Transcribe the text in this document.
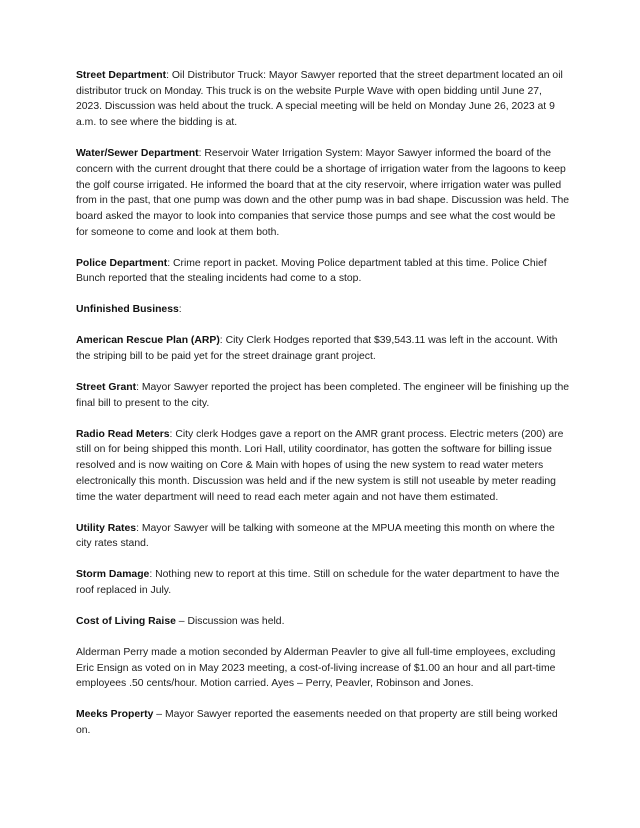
Street Department: Oil Distributor Truck: Mayor Sawyer reported that the street department located an oil distributor truck on Monday. This truck is on the website Purple Wave with open bidding until June 27, 2023. Discussion was held about the truck. A special meeting will be held on Monday June 26, 2023 at 9 a.m. to see where the bidding is at.

Water/Sewer Department: Reservoir Water Irrigation System: Mayor Sawyer informed the board of the concern with the current drought that there could be a shortage of irrigation water from the lagoons to keep the golf course irrigated. He informed the board that at the city reservoir, where irrigation water was pulled from in the past, that one pump was down and the other pump was in bad shape. Discussion was held. The board asked the mayor to look into companies that service those pumps and see what the cost would be for someone to come and look at them both.

Police Department: Crime report in packet. Moving Police department tabled at this time. Police Chief Bunch reported that the stealing incidents had come to a stop.

Unfinished Business:

American Rescue Plan (ARP): City Clerk Hodges reported that $39,543.11 was left in the account. With the striping bill to be paid yet for the street drainage grant project.

Street Grant: Mayor Sawyer reported the project has been completed. The engineer will be finishing up the final bill to present to the city.

Radio Read Meters: City clerk Hodges gave a report on the AMR grant process. Electric meters (200) are still on for being shipped this month. Lori Hall, utility coordinator, has gotten the software for billing issue resolved and is now waiting on Core & Main with hopes of using the new system to read water meters electronically this month. Discussion was held and if the new system is still not useable by meter reading time the water department will need to read each meter again and not have them estimated.

Utility Rates: Mayor Sawyer will be talking with someone at the MPUA meeting this month on where the city rates stand.

Storm Damage: Nothing new to report at this time. Still on schedule for the water department to have the roof replaced in July.

Cost of Living Raise – Discussion was held.

Alderman Perry made a motion seconded by Alderman Peavler to give all full-time employees, excluding Eric Ensign as voted on in May 2023 meeting, a cost-of-living increase of $1.00 an hour and all part-time employees .50 cents/hour. Motion carried. Ayes – Perry, Peavler, Robinson and Jones.

Meeks Property – Mayor Sawyer reported the easements needed on that property are still being worked on.
